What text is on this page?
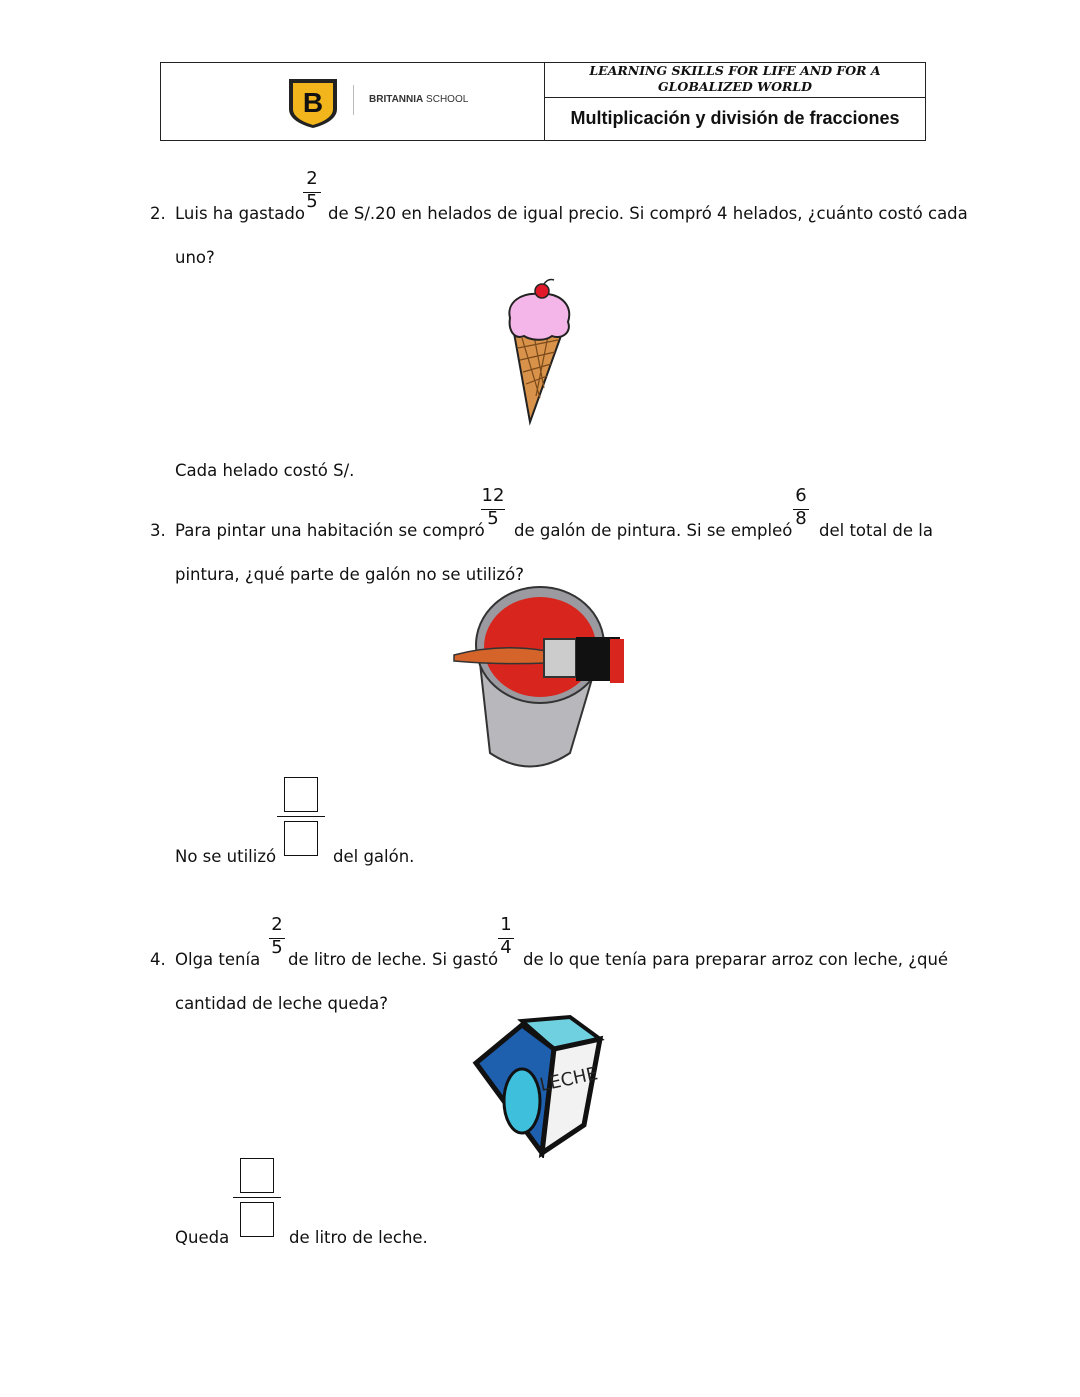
B	BRITANNIA SCHOOL
LEARNING SKILLS FOR LIFE AND FOR A GLOBALIZED WORLD
Multiplicación y división de fracciones
2. Luis ha gastado
2
5
de S/.20 en helados de igual precio. Si compró 4 helados, ¿cuánto costó cada
uno?
Cada helado costó S/.
3. Para pintar una habitación se compró
12
5
de galón de pintura. Si se empleó
6
8
del total de la
pintura, ¿qué parte de galón no se utilizó?
No se utilizó	del galón.
4. Olga tenía
2
5
de litro de leche. Si gastó
1
4
de lo que tenía para preparar arroz con leche, ¿qué
cantidad de leche queda?
LECHE
Queda	de litro de leche.
